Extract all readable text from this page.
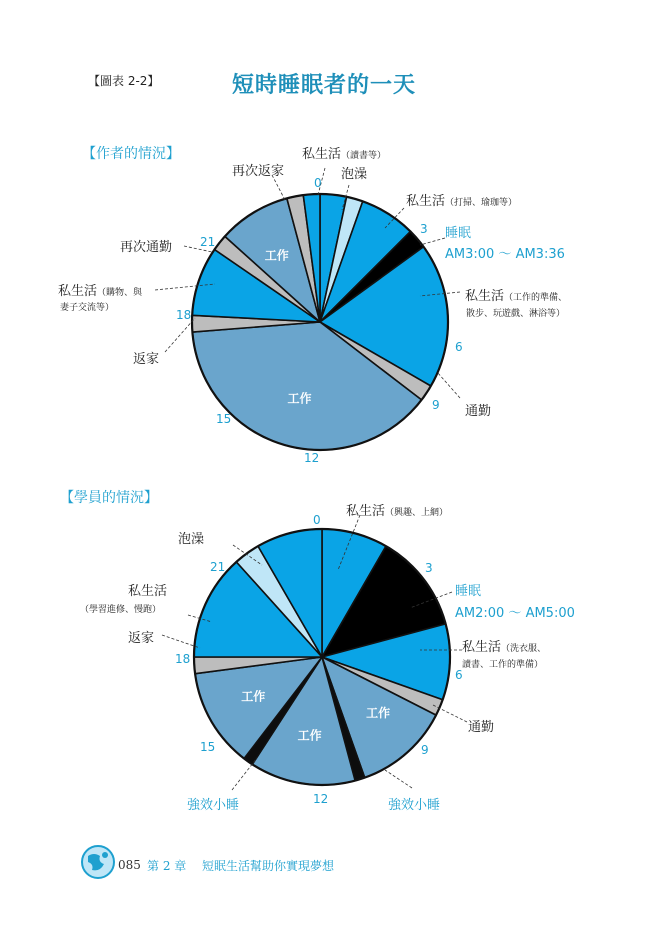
【圖表 2-2】	短時睡眠者的一天
【作者的情況】
【學員的情況】
工作
工作
工作
工作
工作
0
3
6
9
12
15
18
21
0
3
6
9
12
15
18
21
私生活（讀書等）
泡澡
再次返家
私生活（打掃、瑜珈等）
再次通勤
睡眠
AM3:00 ～ AM3:36
私生活（購物、與
妻子交流等）
私生活（工作的準備、
散步、玩遊戲、淋浴等）
返家
通勤
私生活（興趣、上網）
泡澡
睡眠
AM2:00 ～ AM5:00
私生活
（學習進修、慢跑）
返家
私生活（洗衣服、
讀書、工作的準備）
通勤
強效小睡	強效小睡
085 第 2 章 短眠生活幫助你實現夢想
